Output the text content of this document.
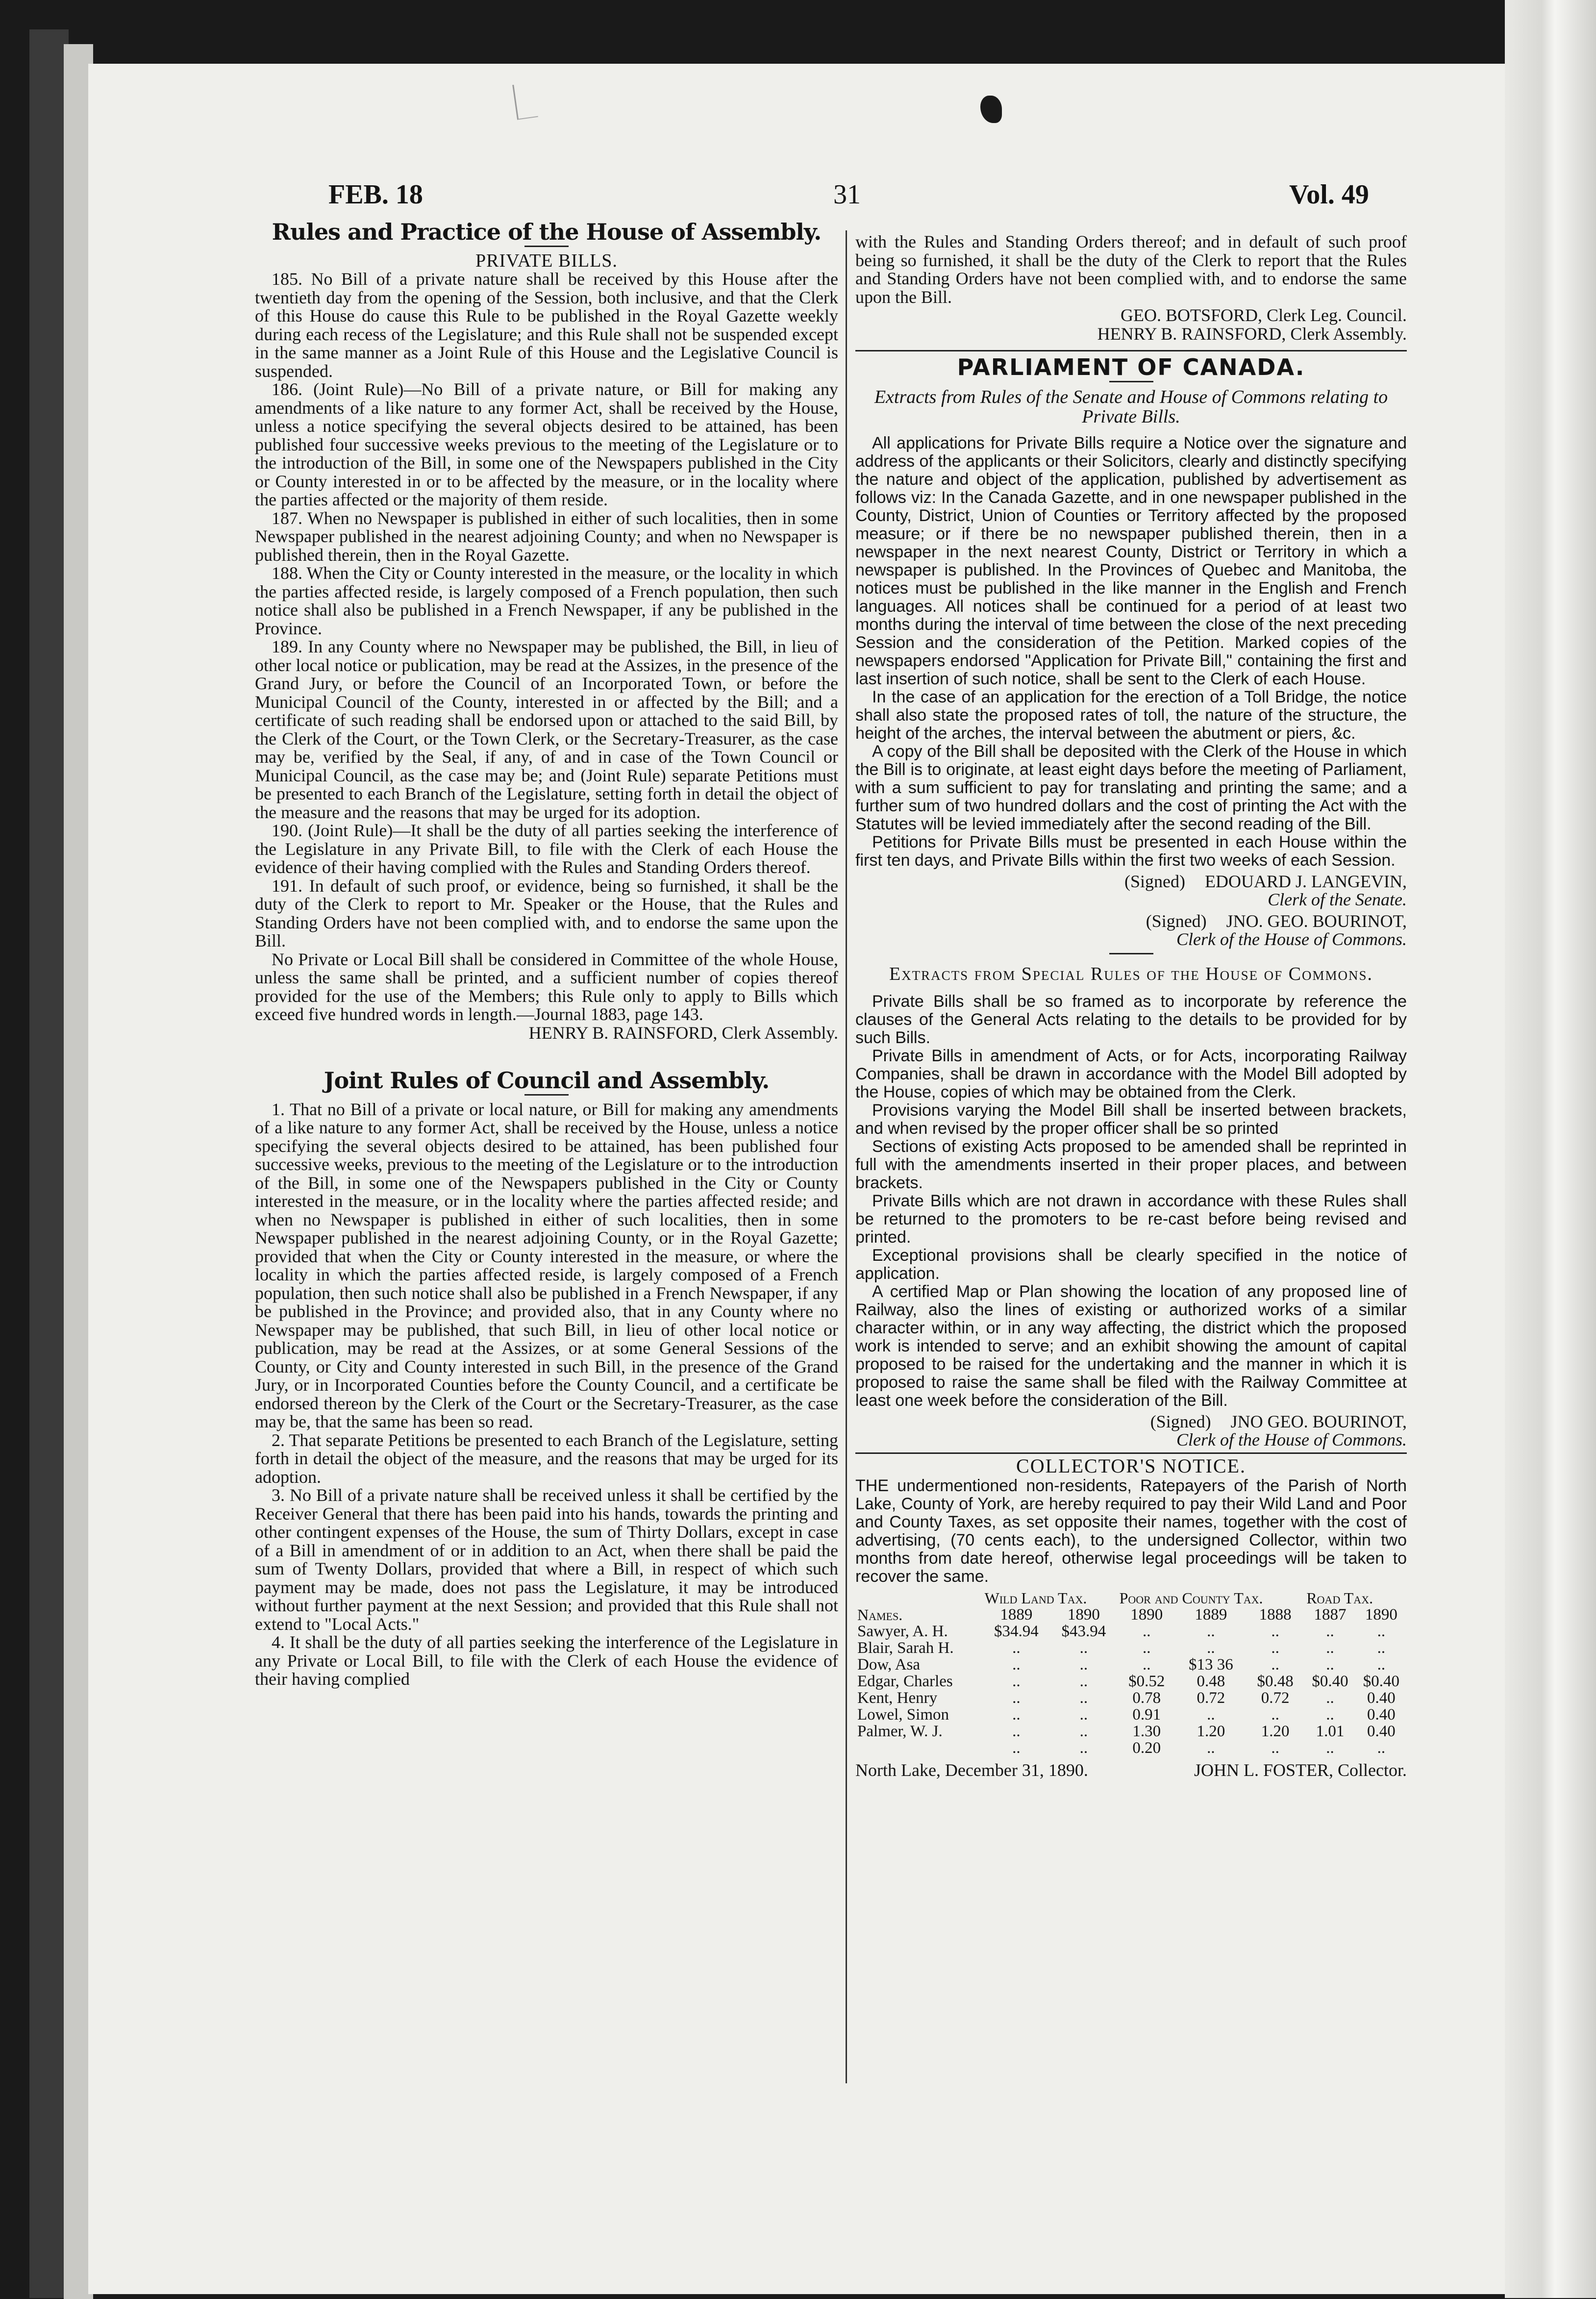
FEB. 18	31	Vol. 49
Rules and Practice of the House of Assembly.

PRIVATE BILLS.

185. No Bill of a private nature shall be received by this House after the twentieth day from the opening of the Session, both inclusive, and that the Clerk of this House do cause this Rule to be published in the Royal Gazette weekly during each recess of the Legislature; and this Rule shall not be suspended except in the same manner as a Joint Rule of this House and the Legislative Council is suspended.

186. (Joint Rule)—No Bill of a private nature, or Bill for making any amendments of a like nature to any former Act, shall be received by the House, unless a notice specifying the several objects desired to be attained, has been published four successive weeks previous to the meeting of the Legislature or to the introduction of the Bill, in some one of the Newspapers published in the City or County interested in or to be affected by the measure, or in the locality where the parties affected or the majority of them reside.

187. When no Newspaper is published in either of such localities, then in some Newspaper published in the nearest adjoining County; and when no Newspaper is published therein, then in the Royal Gazette.

188. When the City or County interested in the measure, or the locality in which the parties affected reside, is largely composed of a French population, then such notice shall also be published in a French Newspaper, if any be published in the Province.

189. In any County where no Newspaper may be published, the Bill, in lieu of other local notice or publication, may be read at the Assizes, in the presence of the Grand Jury, or before the Council of an Incorporated Town, or before the Municipal Council of the County, interested in or affected by the Bill; and a certificate of such reading shall be endorsed upon or attached to the said Bill, by the Clerk of the Court, or the Town Clerk, or the Secretary-Treasurer, as the case may be, verified by the Seal, if any, of and in case of the Town Council or Municipal Council, as the case may be; and (Joint Rule) separate Petitions must be presented to each Branch of the Legislature, setting forth in detail the object of the measure and the reasons that may be urged for its adoption.

190. (Joint Rule)—It shall be the duty of all parties seeking the interference of the Legislature in any Private Bill, to file with the Clerk of each House the evidence of their having complied with the Rules and Standing Orders thereof.

191. In default of such proof, or evidence, being so furnished, it shall be the duty of the Clerk to report to Mr. Speaker or the House, that the Rules and Standing Orders have not been complied with, and to endorse the same upon the Bill.

No Private or Local Bill shall be considered in Committee of the whole House, unless the same shall be printed, and a sufficient number of copies thereof provided for the use of the Members; this Rule only to apply to Bills which exceed five hundred words in length.—Journal 1883, page 143.

HENRY B. RAINSFORD, Clerk Assembly.

Joint Rules of Council and Assembly.

1. That no Bill of a private or local nature, or Bill for making any amendments of a like nature to any former Act, shall be received by the House, unless a notice specifying the several objects desired to be attained, has been published four successive weeks, previous to the meeting of the Legislature or to the introduction of the Bill, in some one of the Newspapers published in the City or County interested in the measure, or in the locality where the parties affected reside; and when no Newspaper is published in either of such localities, then in some Newspaper published in the nearest adjoining County, or in the Royal Gazette; provided that when the City or County interested in the measure, or where the locality in which the parties affected reside, is largely composed of a French population, then such notice shall also be published in a French Newspaper, if any be published in the Province; and provided also, that in any County where no Newspaper may be published, that such Bill, in lieu of other local notice or publication, may be read at the Assizes, or at some General Sessions of the County, or City and County interested in such Bill, in the presence of the Grand Jury, or in Incorporated Counties before the County Council, and a certificate be endorsed thereon by the Clerk of the Court or the Secretary-Treasurer, as the case may be, that the same has been so read.

2. That separate Petitions be presented to each Branch of the Legislature, setting forth in detail the object of the measure, and the reasons that may be urged for its adoption.

3. No Bill of a private nature shall be received unless it shall be certified by the Receiver General that there has been paid into his hands, towards the printing and other contingent expenses of the House, the sum of Thirty Dollars, except in case of a Bill in amendment of or in addition to an Act, when there shall be paid the sum of Twenty Dollars, provided that where a Bill, in respect of which such payment may be made, does not pass the Legislature, it may be introduced without further payment at the next Session; and provided that this Rule shall not extend to "Local Acts."

4. It shall be the duty of all parties seeking the interference of the Legislature in any Private or Local Bill, to file with the Clerk of each House the evidence of their having complied

with the Rules and Standing Orders thereof; and in default of such proof being so furnished, it shall be the duty of the Clerk to report that the Rules and Standing Orders have not been complied with, and to endorse the same upon the Bill.

GEO. BOTSFORD, Clerk Leg. Council.

HENRY B. RAINSFORD, Clerk Assembly.

PARLIAMENT OF CANADA.
Extracts from Rules of the Senate and House of Commons relating to Private Bills.

All applications for Private Bills require a Notice over the signature and address of the applicants or their Solicitors, clearly and distinctly specifying the nature and object of the application, published by advertisement as follows viz: In the Canada Gazette, and in one newspaper published in the County, District, Union of Counties or Territory affected by the proposed measure; or if there be no newspaper published therein, then in a newspaper in the next nearest County, District or Territory in which a newspaper is published. In the Provinces of Quebec and Manitoba, the notices must be published in the like manner in the English and French languages. All notices shall be continued for a period of at least two months during the interval of time between the close of the next preceding Session and the consideration of the Petition. Marked copies of the newspapers endorsed "Application for Private Bill," containing the first and last insertion of such notice, shall be sent to the Clerk of each House.

In the case of an application for the erection of a Toll Bridge, the notice shall also state the proposed rates of toll, the nature of the structure, the height of the arches, the interval between the abutment or piers, &c.

A copy of the Bill shall be deposited with the Clerk of the House in which the Bill is to originate, at least eight days before the meeting of Parliament, with a sum sufficient to pay for translating and printing the same; and a further sum of two hundred dollars and the cost of printing the Act with the Statutes will be levied immediately after the second reading of the Bill.

Petitions for Private Bills must be presented in each House within the first ten days, and Private Bills within the first two weeks of each Session.

(Signed) EDOUARD J. LANGEVIN,

Clerk of the Senate.

(Signed) JNO. GEO. BOURINOT,

Clerk of the House of Commons.

Extracts from Special Rules of the House of Commons.

Private Bills shall be so framed as to incorporate by reference the clauses of the General Acts relating to the details to be provided for by such Bills.

Private Bills in amendment of Acts, or for Acts, incorporating Railway Companies, shall be drawn in accordance with the Model Bill adopted by the House, copies of which may be obtained from the Clerk.

Provisions varying the Model Bill shall be inserted between brackets, and when revised by the proper officer shall be so printed

Sections of existing Acts proposed to be amended shall be reprinted in full with the amendments inserted in their proper places, and between brackets.

Private Bills which are not drawn in accordance with these Rules shall be returned to the promoters to be re-cast before being revised and printed.

Exceptional provisions shall be clearly specified in the notice of application.

A certified Map or Plan showing the location of any proposed line of Railway, also the lines of existing or authorized works of a similar character within, or in any way affecting, the district which the proposed work is intended to serve; and an exhibit showing the amount of capital proposed to be raised for the undertaking and the manner in which it is proposed to raise the same shall be filed with the Railway Committee at least one week before the consideration of the Bill.

(Signed) JNO GEO. BOURINOT,

Clerk of the House of Commons.

COLLECTOR'S NOTICE.

THE undermentioned non-residents, Ratepayers of the Parish of North Lake, County of York, are hereby required to pay their Wild Land and Poor and County Taxes, as set opposite their names, together with the cost of advertising, (70 cents each), to the undersigned Collector, within two months from date hereof, otherwise legal proceedings will be taken to recover the same.

Names.	Wild Land Tax.		Poor and County Tax.			Road Tax.	
	1889	1890	1890	1889	1888	1887	1890
Sawyer, A. H.	$34.94	$43.94	..	..	..	..	..
Blair, Sarah H.	..	..	..	..	..	..	..
Dow, Asa	..	..	..	$13 36	..	..	..
Edgar, Charles	..	..	$0.52	0.48	$0.48	$0.40	$0.40
Kent, Henry	..	..	0.78	0.72	0.72	..	0.40
Lowel, Simon	..	..	0.91	..	..	..	0.40
Palmer, W. J.	..	..	1.30	1.20	1.20	1.01	0.40
	..	..	0.20	..	..	..	..
North Lake, December 31, 1890.	JOHN L. FOSTER, Collector.
